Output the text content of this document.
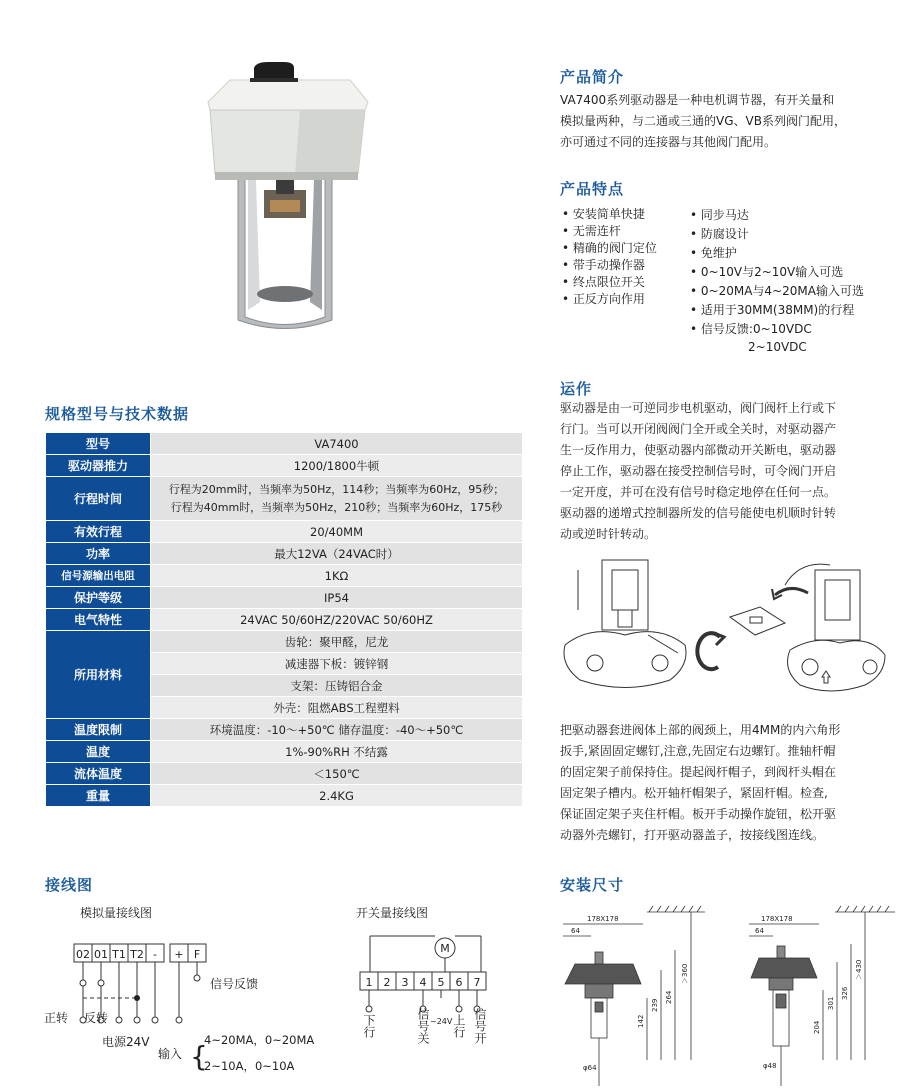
产品简介
VA7400系列驱动器是一种电机调节器，有开关量和
模拟量两种，与二通或三通的VG、VB系列阀门配用，
亦可通过不同的连接器与其他阀门配用。
产品特点
• 安装简单快捷
• 无需连杆
• 精确的阀门定位
• 带手动操作器
• 终点限位开关
• 正反方向作用
• 同步马达
• 防腐设计
• 免维护
• 0~10V与2~10V输入可选
• 0~20MA与4~20MA输入可选
• 适用于30MM(38MM)的行程
• 信号反馈:0~10VDC
2~10VDC
运作
驱动器是由一可逆同步电机驱动，阀门阀杆上行或下
行门。当可以开闭阀阀门全开或全关时，对驱动器产
生一反作用力，使驱动器内部微动开关断电，驱动器
停止工作，驱动器在接受控制信号时，可令阀门开启
一定开度，并可在没有信号时稳定地停在任何一点。
驱动器的递增式控制器所发的信号能使电机顺时针转
动或逆时针转动。
把驱动器套进阀体上部的阀颈上，用4MM的内六角形
扳手,紧固固定螺钉,注意,先固定右边螺钉。推轴杆帽
的固定架子前保持住。提起阀杆帽子，到阀杆头帽在
固定架子槽内。松开轴杆帽架子，紧固杆帽。检查,
保证固定架子夹住杆帽。板开手动操作旋钮，松开驱
动器外壳螺钉，打开驱动器盖子，按接线图连线。
规格型号与技术数据
型号	VA7400
驱动器推力	1200/1800牛顿
行程时间	行程为20mm时，当频率为50Hz，114秒；当频率为60Hz，95秒；
行程为40mm时，当频率为50Hz，210秒；当频率为60Hz，175秒

有效行程	20/40MM
功率	最大12VA（24VAC时）
信号源输出电阻	1KΩ
保护等级	IP54
电气特性	24VAC 50/60HZ/220VAC 50/60HZ
所用材料	齿轮：聚甲醛，尼龙
	减速器下板：镀锌钢
	支架：压铸铝合金
	外壳：阻燃ABS工程塑料
温度限制	环境温度：-10～+50℃ 储存温度：-40～+50℃
温度	1%-90%RH 不结露
流体温度	＜150℃
重量	2.4KG
接线图
模拟量接线图
02 01 T1 T2 - + F
信号反馈
正转 反转
电源24V
输入 {
4~20MA，0~20MA
2~10A，0~10A
开关量接线图
M
1 2 3 4 5 6 7
~24V
下行	信号关 上行 信号开
安装尺寸
178X178
64
φ64
142
239
264
＞360
178X178
64
φ48
204
301
326
＞430
